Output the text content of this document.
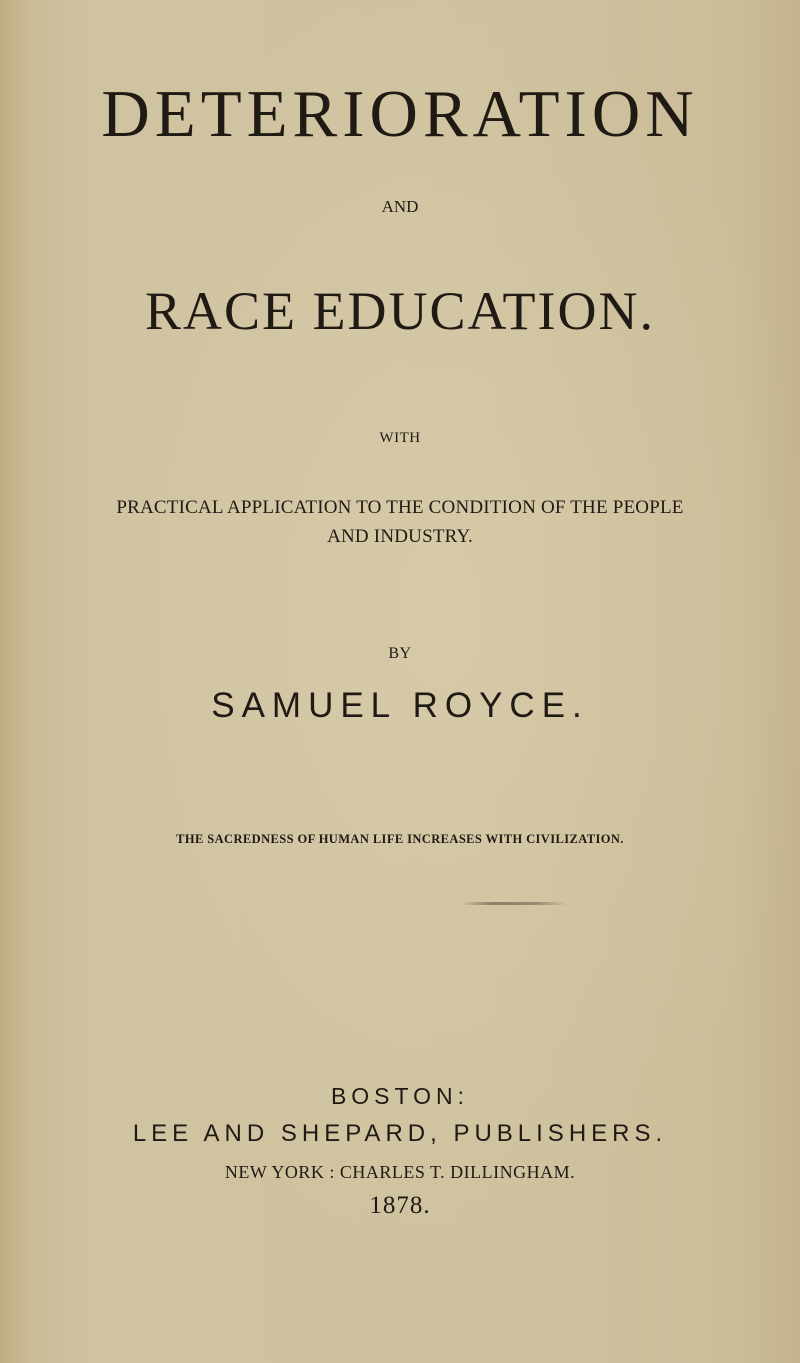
DETERIORATION
AND
RACE EDUCATION.
WITH
PRACTICAL APPLICATION TO THE CONDITION OF THE PEOPLE
AND INDUSTRY.
BY
SAMUEL ROYCE.
THE SACREDNESS OF HUMAN LIFE INCREASES WITH CIVILIZATION.
BOSTON:
LEE AND SHEPARD, PUBLISHERS.
NEW YORK : CHARLES T. DILLINGHAM.
1878.
